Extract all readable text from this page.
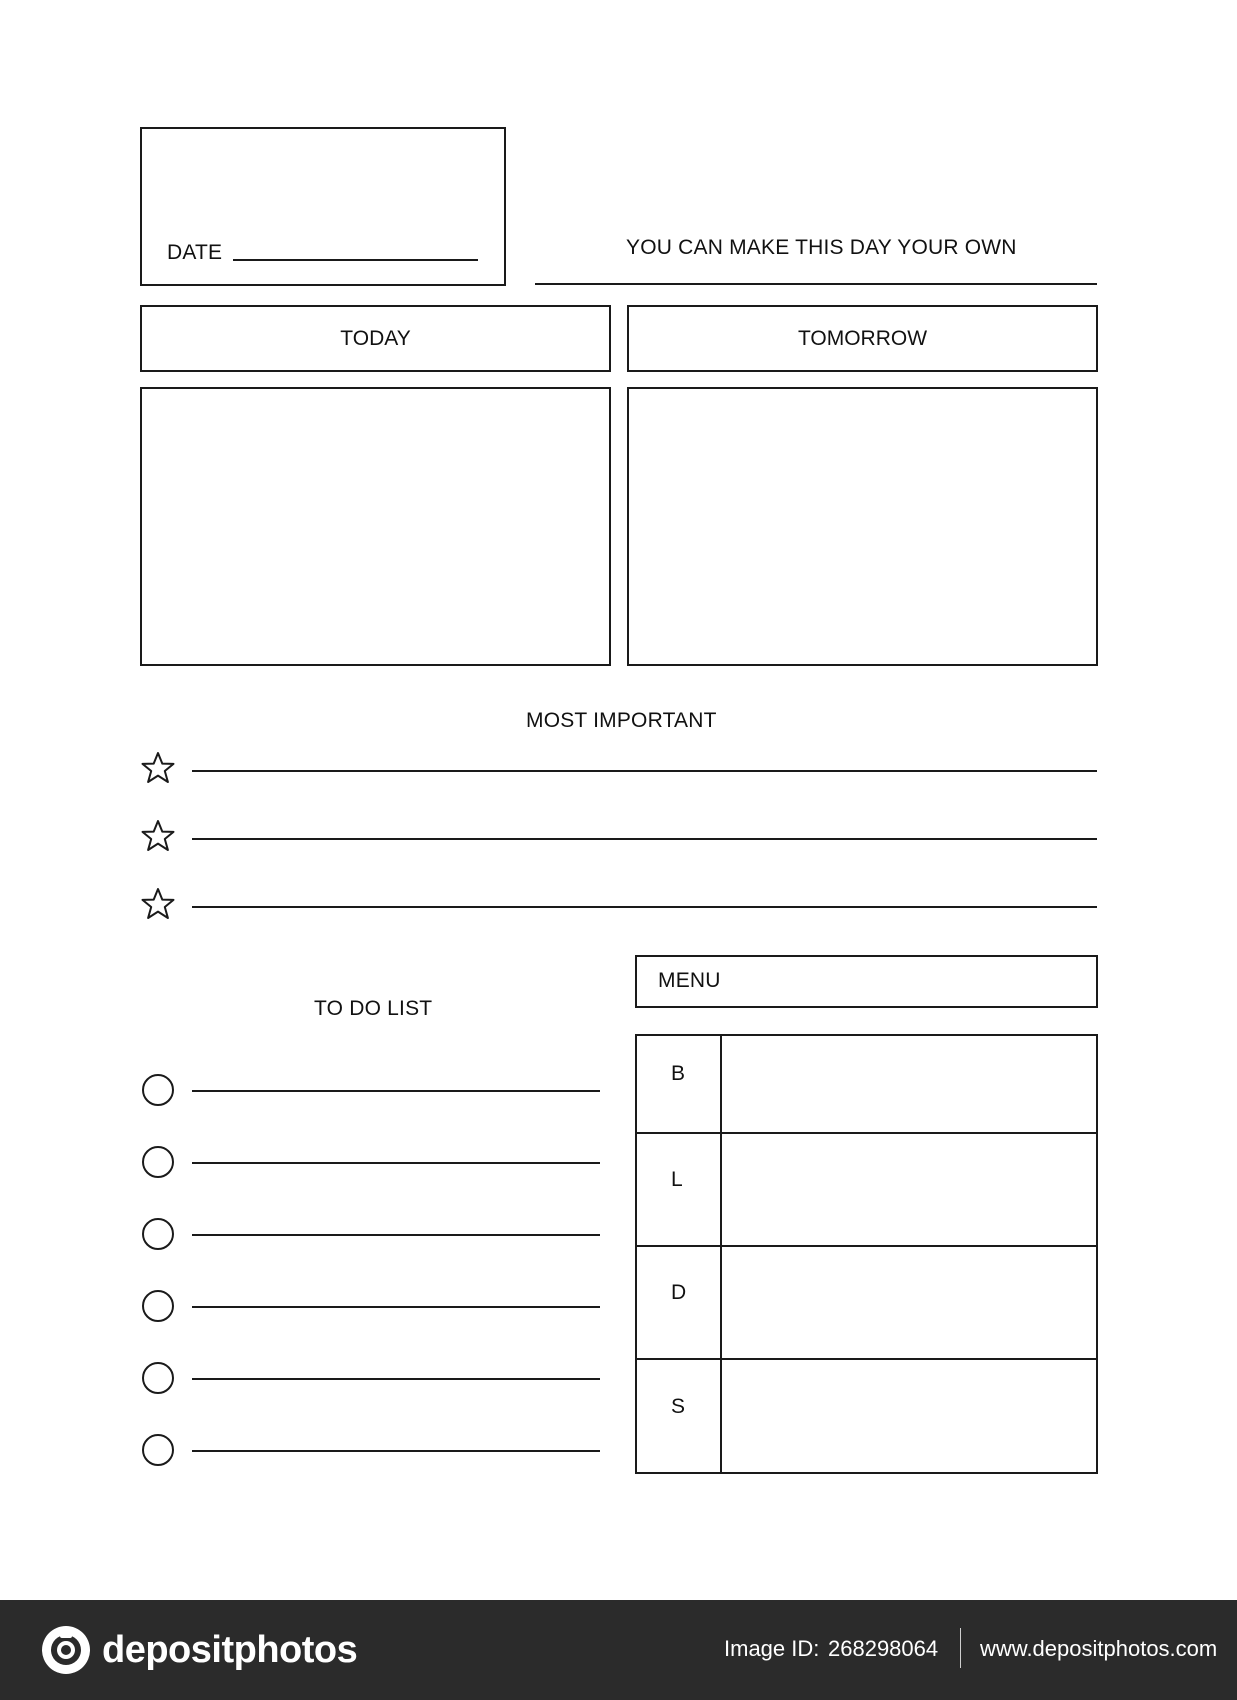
DATE	YOU CAN MAKE THIS DAY YOUR OWN
TODAY	TOMORROW
MOST IMPORTANT
TO DO LIST
MENU
B
L
D
S
depositphotos	Image ID: 268298064 www.depositphotos.com
